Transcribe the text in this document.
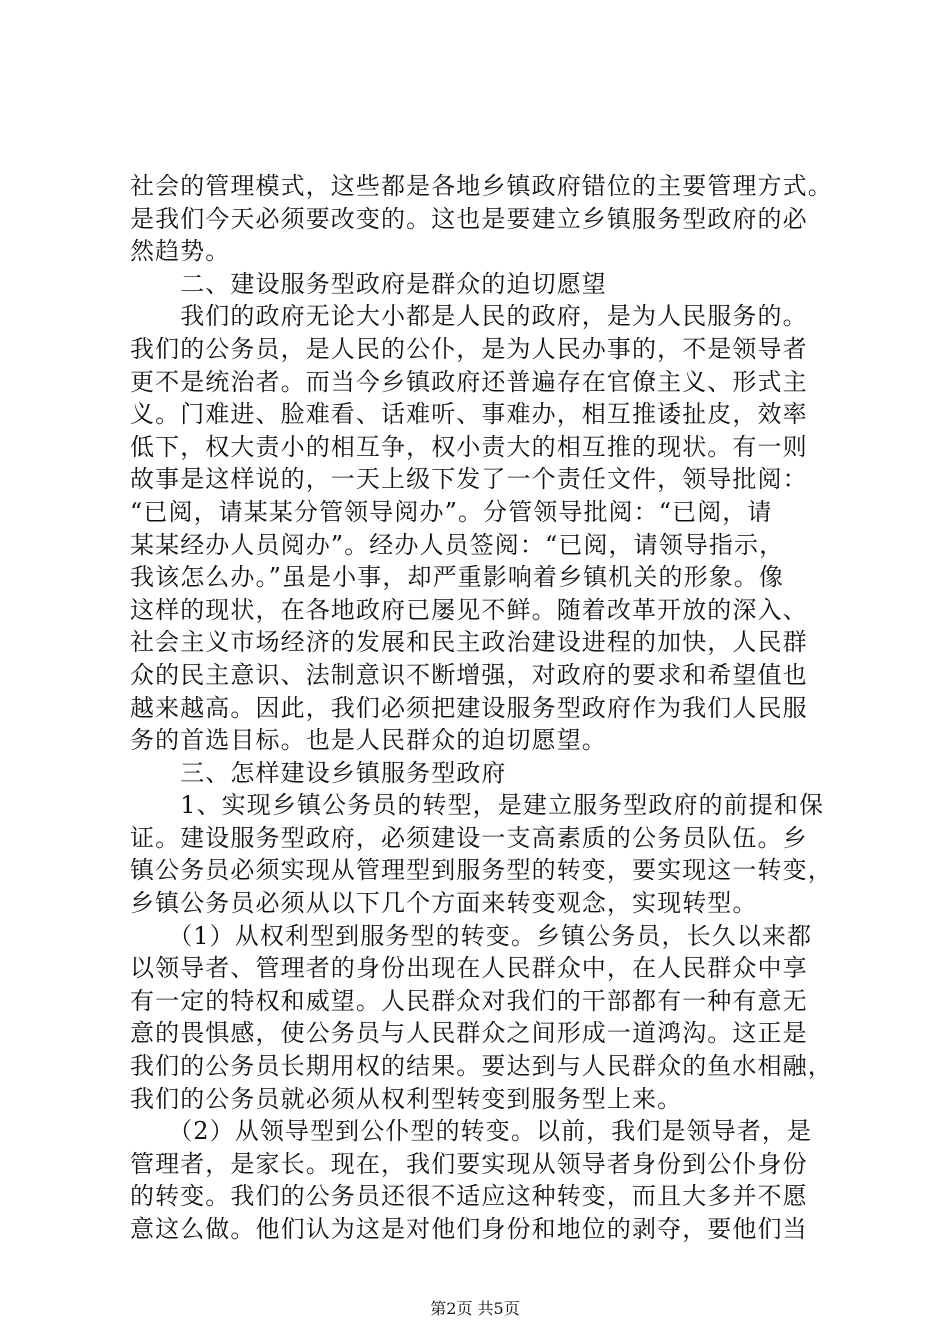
社会的管理模式，这些都是各地乡镇政府错位的主要管理方式。
是我们今天必须要改变的。这也是要建立乡镇服务型政府的必
然趋势。
　　二、建设服务型政府是群众的迫切愿望
　　我们的政府无论大小都是人民的政府，是为人民服务的。
我们的公务员，是人民的公仆，是为人民办事的，不是领导者
更不是统治者。而当今乡镇政府还普遍存在官僚主义、形式主
义。门难进、脸难看、话难听、事难办，相互推诿扯皮，效率
低下，权大责小的相互争，权小责大的相互推的现状。有一则
故事是这样说的，一天上级下发了一个责任文件，领导批阅：
“已阅，请某某分管领导阅办”。分管领导批阅：“已阅，请
某某经办人员阅办”。经办人员签阅：“已阅，请领导指示，
我该怎么办。”虽是小事，却严重影响着乡镇机关的形象。像
这样的现状，在各地政府已屡见不鲜。随着改革开放的深入、
社会主义市场经济的发展和民主政治建设进程的加快，人民群
众的民主意识、法制意识不断增强，对政府的要求和希望值也
越来越高。因此，我们必须把建设服务型政府作为我们人民服
务的首选目标。也是人民群众的迫切愿望。
　　三、怎样建设乡镇服务型政府
　　1、实现乡镇公务员的转型，是建立服务型政府的前提和保
证。建设服务型政府，必须建设一支高素质的公务员队伍。乡
镇公务员必须实现从管理型到服务型的转变，要实现这一转变，
乡镇公务员必须从以下几个方面来转变观念，实现转型。
　　（1）从权利型到服务型的转变。乡镇公务员，长久以来都
以领导者、管理者的身份出现在人民群众中，在人民群众中享
有一定的特权和威望。人民群众对我们的干部都有一种有意无
意的畏惧感，使公务员与人民群众之间形成一道鸿沟。这正是
我们的公务员长期用权的结果。要达到与人民群众的鱼水相融，
我们的公务员就必须从权利型转变到服务型上来。
　　（2）从领导型到公仆型的转变。以前，我们是领导者，是
管理者，是家长。现在，我们要实现从领导者身份到公仆身份
的转变。我们的公务员还很不适应这种转变，而且大多并不愿
意这么做。他们认为这是对他们身份和地位的剥夺，要他们当
第2页 共5页
